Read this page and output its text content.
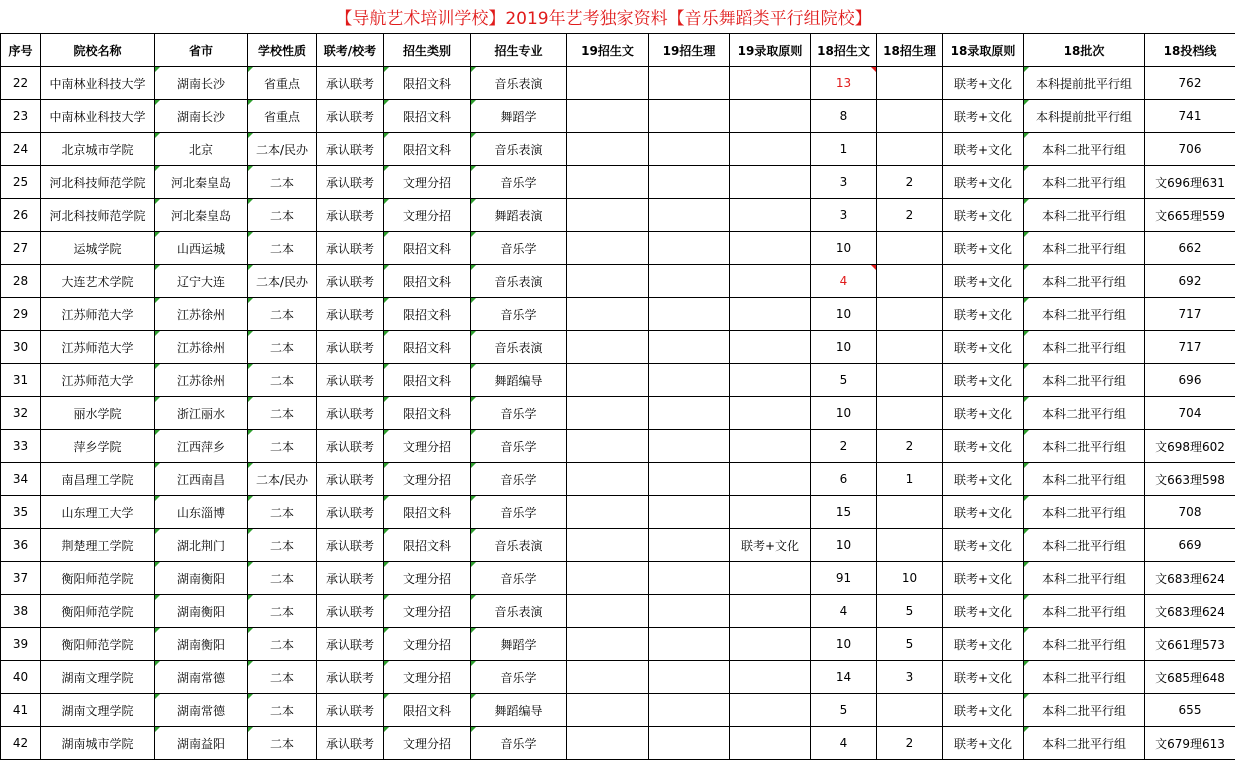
【导航艺术培训学校】2019年艺考独家资料【音乐舞蹈类平行组院校】
序号	院校名称	省市	学校性质	联考/校考	招生类别	招生专业	19招生文	19招生理	19录取原则	18招生文	18招生理	18录取原则	18批次	18投档线
22	中南林业科技大学	湖南长沙	省重点	承认联考	限招文科	音乐表演				13		联考+文化	本科提前批平行组	762
23	中南林业科技大学	湖南长沙	省重点	承认联考	限招文科	舞蹈学				8		联考+文化	本科提前批平行组	741
24	北京城市学院	北京	二本/民办	承认联考	限招文科	音乐表演				1		联考+文化	本科二批平行组	706
25	河北科技师范学院	河北秦皇岛	二本	承认联考	文理分招	音乐学				3	2	联考+文化	本科二批平行组	文696理631
26	河北科技师范学院	河北秦皇岛	二本	承认联考	文理分招	舞蹈表演				3	2	联考+文化	本科二批平行组	文665理559
27	运城学院	山西运城	二本	承认联考	限招文科	音乐学				10		联考+文化	本科二批平行组	662
28	大连艺术学院	辽宁大连	二本/民办	承认联考	限招文科	音乐表演				4		联考+文化	本科二批平行组	692
29	江苏师范大学	江苏徐州	二本	承认联考	限招文科	音乐学				10		联考+文化	本科二批平行组	717
30	江苏师范大学	江苏徐州	二本	承认联考	限招文科	音乐表演				10		联考+文化	本科二批平行组	717
31	江苏师范大学	江苏徐州	二本	承认联考	限招文科	舞蹈编导				5		联考+文化	本科二批平行组	696
32	丽水学院	浙江丽水	二本	承认联考	限招文科	音乐学				10		联考+文化	本科二批平行组	704
33	萍乡学院	江西萍乡	二本	承认联考	文理分招	音乐学				2	2	联考+文化	本科二批平行组	文698理602
34	南昌理工学院	江西南昌	二本/民办	承认联考	文理分招	音乐学				6	1	联考+文化	本科二批平行组	文663理598
35	山东理工大学	山东淄博	二本	承认联考	限招文科	音乐学				15		联考+文化	本科二批平行组	708
36	荆楚理工学院	湖北荆门	二本	承认联考	限招文科	音乐表演			联考+文化	10		联考+文化	本科二批平行组	669
37	衡阳师范学院	湖南衡阳	二本	承认联考	文理分招	音乐学				91	10	联考+文化	本科二批平行组	文683理624
38	衡阳师范学院	湖南衡阳	二本	承认联考	文理分招	音乐表演				4	5	联考+文化	本科二批平行组	文683理624
39	衡阳师范学院	湖南衡阳	二本	承认联考	文理分招	舞蹈学				10	5	联考+文化	本科二批平行组	文661理573
40	湖南文理学院	湖南常德	二本	承认联考	文理分招	音乐学				14	3	联考+文化	本科二批平行组	文685理648
41	湖南文理学院	湖南常德	二本	承认联考	限招文科	舞蹈编导				5		联考+文化	本科二批平行组	655
42	湖南城市学院	湖南益阳	二本	承认联考	文理分招	音乐学				4	2	联考+文化	本科二批平行组	文679理613
